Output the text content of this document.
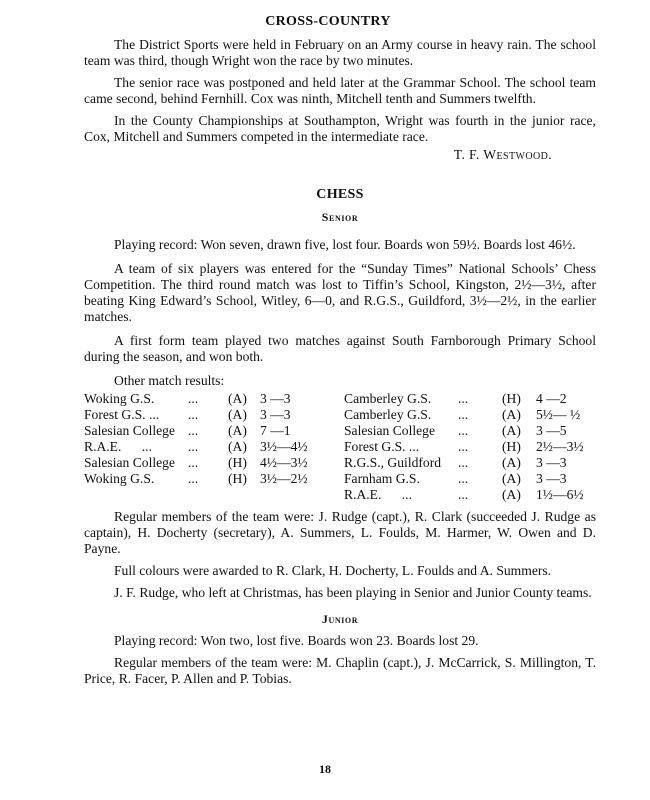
CROSS-COUNTRY

The District Sports were held in February on an Army course in heavy rain. The school team was third, though Wright won the race by two minutes.

The senior race was postponed and held later at the Grammar School. The school team came second, behind Fernhill. Cox was ninth, Mitchell tenth and Summers twelfth.

In the County Championships at Southampton, Wright was fourth in the junior race, Cox, Mitchell and Summers competed in the intermediate race.

T. F. Westwood.
CHESS
Senior

Playing record: Won seven, drawn five, lost four. Boards won 59½. Boards lost 46½.

A team of six players was entered for the “Sunday Times” National Schools’ Chess Competition. The third round match was lost to Tiffin’s School, Kingston, 2½—3½, after beating King Edward’s School, Witley, 6—0, and R.G.S., Guildford, 3½—2½, in the earlier matches.

A first form team played two matches against South Farnborough Primary School during the season, and won both.

Other match results:

Woking G.S. ... (A) 3 —3
Forest G.S. ... ... (A) 3 —3
Salesian College ... (A) 7 —1
R.A.E.      ...	... (A) 3½—4½
Salesian College ... (H) 4½—3½
Woking G.S. ... (H) 3½—2½
Camberley G.S. ... (H) 4 —2
Camberley G.S. ... (A) 5½— ½
Salesian College ... (A) 3 —5
Forest G.S. ...	... (H) 2½—3½
R.G.S., Guildford ... (A) 3 —3
Farnham G.S.	... (A) 3 —3
R.A.E.      ...	... (A) 1½—6½

Regular members of the team were: J. Rudge (capt.), R. Clark (succeeded J. Rudge as captain), H. Docherty (secretary), A. Summers, L. Foulds, M. Harmer, W. Owen and D. Payne.

Full colours were awarded to R. Clark, H. Docherty, L. Foulds and A. Summers.

J. F. Rudge, who left at Christmas, has been playing in Senior and Junior County teams.

Junior

Playing record: Won two, lost five. Boards won 23. Boards lost 29.

Regular members of the team were: M. Chaplin (capt.), J. McCarrick, S. Millington, T. Price, R. Facer, P. Allen and P. Tobias.

18
